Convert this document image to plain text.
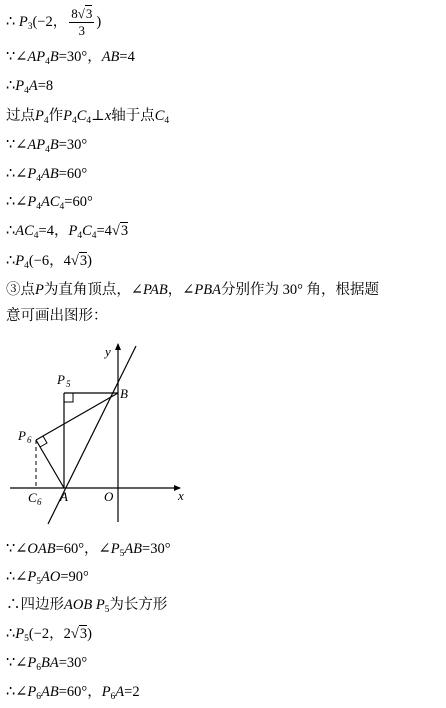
∴ $P_3(-2$， $\frac{8√3}{3}$ )
$\because\angle AP_4B=30^\circ$，AB=4
$\therefore P_4A=8$
过点$P_4$作$P_4C_4\perp x$轴于点$C_4$
$\because\angle AP_4B=30^\circ$
$\therefore\angle P_4AB=60^\circ$
$\therefore\angle P_4AC_4=60^\circ$
$\therefore AC_4=4$，$P_4C_4=4√3$
$\therefore P_4(-6$，4√3)
③点P为直角顶点，∠PAB，∠PBA分别作为 30° 角，根据题
意可画出图形：
y
x
P 5
B
P 6
A	O
C 6
∵∠OAB=60°，$\angle P_5AB=30^\circ$
$\therefore\angle P_5AO=90^\circ$
∴四边形AOB $P_5$为长方形
$\therefore P_5(-2$，2√3)
$\because\angle P_6BA=30^\circ$
$\therefore\angle P_6AB=60^\circ$，$P_6A=2$
